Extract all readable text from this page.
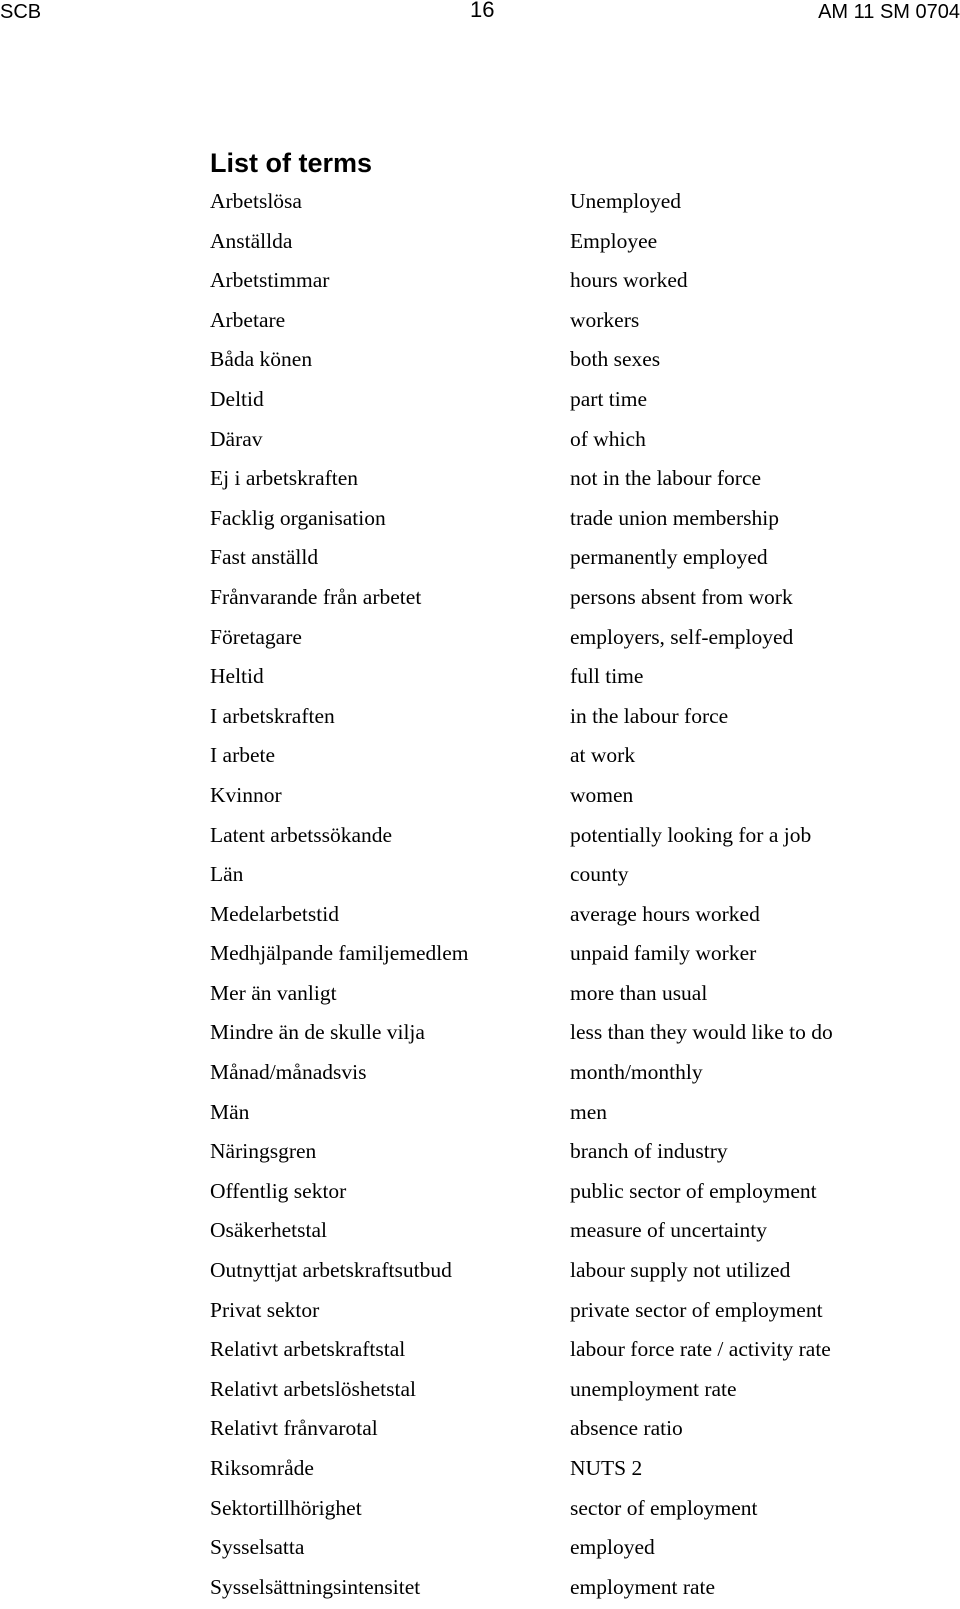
SCB	16	AM 11 SM 0704
List of terms
Arbetslösa	Unemployed
Anställda	Employee
Arbetstimmar	hours worked
Arbetare	workers
Båda könen	both sexes
Deltid	part time
Därav	of which
Ej i arbetskraften	not in the labour force
Facklig organisation	trade union membership
Fast anställd	permanently employed
Frånvarande från arbetet	persons absent from work
Företagare	employers, self-employed
Heltid	full time
I arbetskraften	in the labour force
I arbete	at work
Kvinnor	women
Latent arbetssökande	potentially looking for a job
Län	county
Medelarbetstid	average hours worked
Medhjälpande familjemedlem	unpaid family worker
Mer än vanligt	more than usual
Mindre än de skulle vilja	less than they would like to do
Månad/månadsvis	month/monthly
Män	men
Näringsgren	branch of industry
Offentlig sektor	public sector of employment
Osäkerhetstal	measure of uncertainty
Outnyttjat arbetskraftsutbud	labour supply not utilized
Privat sektor	private sector of employment
Relativt arbetskraftstal	labour force rate / activity rate
Relativt arbetslöshetstal	unemployment rate
Relativt frånvarotal	absence ratio
Riksområde	NUTS 2
Sektortillhörighet	sector of employment
Sysselsatta	employed
Sysselsättningsintensitet	employment rate
